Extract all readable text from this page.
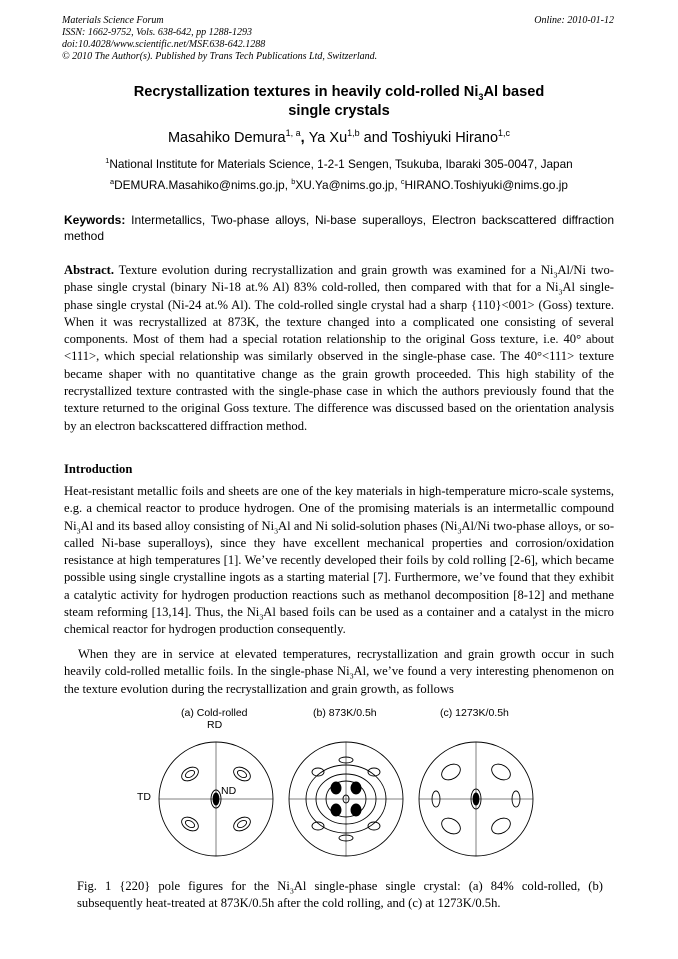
Materials Science Forum
ISSN: 1662-9752, Vols. 638-642, pp 1288-1293
doi:10.4028/www.scientific.net/MSF.638-642.1288
© 2010 The Author(s). Published by Trans Tech Publications Ltd, Switzerland.
Online: 2010-01-12
Recrystallization textures in heavily cold-rolled $Ni_3Al$ based
single crystals
Masahiko Demura$^{1, a}$, Ya Xu$^{1,b}$ and Toshiyuki Hirano$^{1,c}$
$^1$National Institute for Materials Science, 1-2-1 Sengen, Tsukuba, Ibaraki 305-0047, Japan
$^a$DEMURA.Masahiko@nims.go.jp, $^b$XU.Ya@nims.go.jp, $^c$HIRANO.Toshiyuki@nims.go.jp
Keywords: Intermetallics, Two-phase alloys, Ni-base superalloys, Electron backscattered diffraction method
Abstract. Texture evolution during recrystallization and grain growth was examined for a $Ni_3Al/Ni$ two-phase single crystal (binary Ni-18 at.% Al) 83% cold-rolled, then compared with that for a $Ni_3Al$ single-phase single crystal (Ni-24 at.% Al). The cold-rolled single crystal had a sharp {110}<001> (Goss) texture. When it was recrystallized at 873K, the texture changed into a complicated one consisting of several components. Most of them had a special rotation relationship to the original Goss texture, i.e. 40° about <111>, which special relationship was similarly observed in the single-phase case. The 40°<111> texture became shaper with no quantitative change as the grain growth proceeded. This high stability of the recrystallized texture contrasted with the single-phase case in which the authors previously found that the texture returned to the original Goss texture. The difference was discussed based on the orientation analysis by an electron backscattered diffraction method.
Introduction
Heat-resistant metallic foils and sheets are one of the key materials in high-temperature micro-scale systems, e.g. a chemical reactor to produce hydrogen. One of the promising materials is an intermetallic compound $Ni_3Al$ and its based alloy consisting of $Ni_3Al$ and Ni solid-solution phases ($Ni_3Al/Ni$ two-phase alloys, or so-called Ni-base superalloys), since they have excellent mechanical properties and corrosion/oxidation resistance at high temperatures [1]. We’ve recently developed their foils by cold rolling [2-6], which became possible using single crystalline ingots as a starting material [7]. Furthermore, we’ve found that they exhibit a catalytic activity for hydrogen production reactions such as methanol decomposition [8-12] and methane steam reforming [13,14]. Thus, the $Ni_3Al$ based foils can be used as a container and a catalyst in the micro chemical reactor for hydrogen production consequently.
When they are in service at elevated temperatures, recrystallization and grain growth occur in such heavily cold-rolled metallic foils. In the single-phase $Ni_3Al$, we’ve found a very interesting phenomenon on the texture evolution during the recrystallization and grain growth, as follows
(a) Cold-rolled	(b) 873K/0.5h	(c) 1273K/0.5h
RD
TD	ND
Fig. 1 {220} pole figures for the $Ni_3Al$ single-phase single crystal: (a) 84% cold-rolled, (b) subsequently heat-treated at 873K/0.5h after the cold rolling, and (c) at 1273K/0.5h.
